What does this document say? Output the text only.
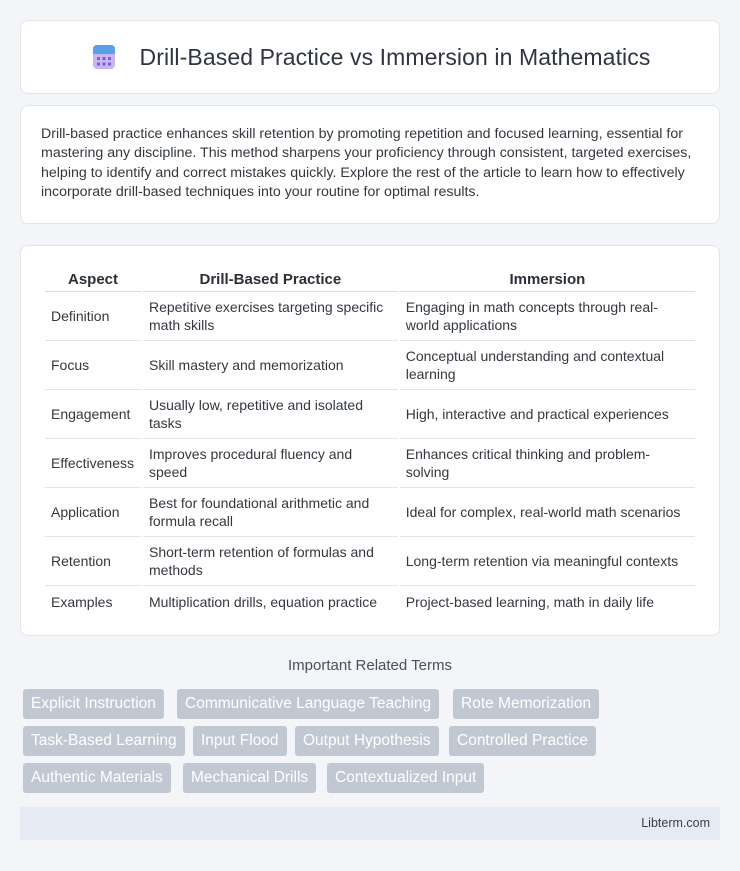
Drill-Based Practice vs Immersion in Mathematics

Drill-based practice enhances skill retention by promoting repetition and focused learning, essential for mastering any discipline. This method sharpens your proficiency through consistent, targeted exercises, helping to identify and correct mistakes quickly. Explore the rest of the article to learn how to effectively incorporate drill-based techniques into your routine for optimal results.

Aspect	Drill-Based Practice	Immersion
Definition	Repetitive exercises targeting specific math skills	Engaging in math concepts through real-world applications
Focus	Skill mastery and memorization	Conceptual understanding and contextual learning
Engagement	Usually low, repetitive and isolated tasks	High, interactive and practical experiences
Effectiveness	Improves procedural fluency and speed	Enhances critical thinking and problem-solving
Application	Best for foundational arithmetic and formula recall	Ideal for complex, real-world math scenarios
Retention	Short-term retention of formulas and methods	Long-term retention via meaningful contexts
Examples	Multiplication drills, equation practice	Project-based learning, math in daily life
Important Related Terms
Explicit Instruction	Communicative Language Teaching	Rote Memorization
Task-Based Learning	Input Flood	Output Hypothesis	Controlled Practice
Authentic Materials	Mechanical Drills	Contextualized Input
Libterm.com
